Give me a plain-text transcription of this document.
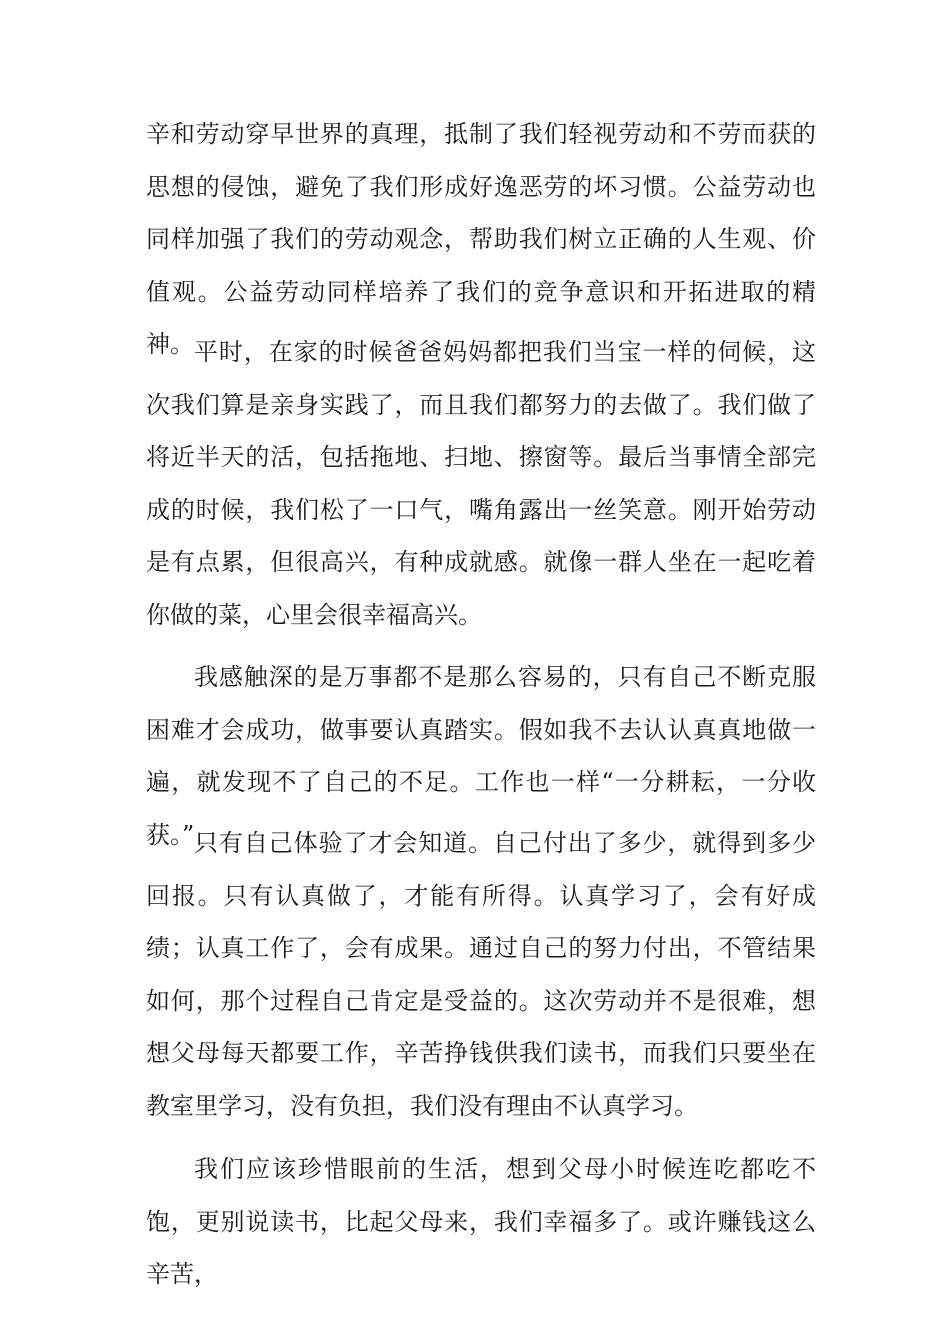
辛和劳动穿早世界的真理，抵制了我们轻视劳动和不劳而获的思想的侵蚀，避免了我们形成好逸恶劳的坏习惯。公益劳动也同样加强了我们的劳动观念，帮助我们树立正确的人生观、价值观。公益劳动同样培养了我们的竞争意识和开拓进取的精神。 平时，在家的时候爸爸妈妈都把我们当宝一样的伺候，这次我们算是亲身实践了，而且我们都努力的去做了。我们做了将近半天的活，包括拖地、扫地、擦窗等。最后当事情全部完成的时候，我们松了一口气，嘴角露出一丝笑意。刚开始劳动是有点累，但很高兴，有种成就感。就像一群人坐在一起吃着你做的菜，心里会很幸福高兴。

我感触深的是万事都不是那么容易的，只有自己不断克服困难才会成功，做事要认真踏实。假如我不去认认真真地做一遍，就发现不了自己的不足。工作也一样“一分耕耘，一分收获。” 只有自己体验了才会知道。自己付出了多少，就得到多少回报。只有认真做了，才能有所得。认真学习了，会有好成绩；认真工作了，会有成果。通过自己的努力付出，不管结果如何，那个过程自己肯定是受益的。这次劳动并不是很难，想想父母每天都要工作，辛苦挣钱供我们读书，而我们只要坐在教室里学习，没有负担，我们没有理由不认真学习。

我们应该珍惜眼前的生活，想到父母小时候连吃都吃不饱，更别说读书，比起父母来，我们幸福多了。或许赚钱这么辛苦，
